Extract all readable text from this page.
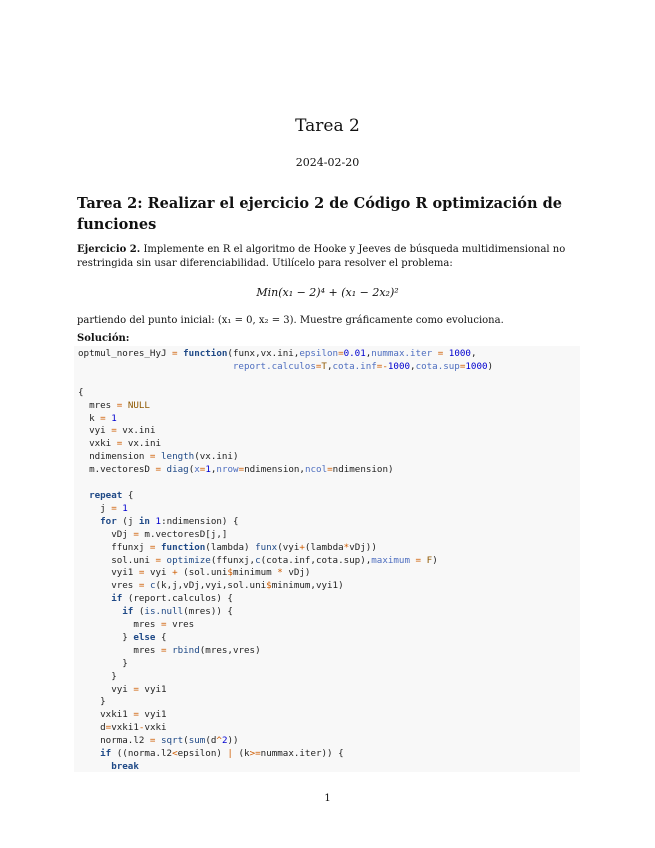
Tarea 2
2024-02-20
Tarea 2: Realizar el ejercicio 2 de Código R optimización de funciones
Ejercicio 2. Implemente en R el algoritmo de Hooke y Jeeves de búsqueda multidimensional no restringida sin usar diferenciabilidad. Utilícelo para resolver el problema:
Min(x₁ − 2)⁴ + (x₁ − 2x₂)²
partiendo del punto inicial: (x₁ = 0, x₂ = 3). Muestre gráficamente como evoluciona.
Solución:
optmul_nores_HyJ = function(funx,vx.ini,epsilon=0.01,nummax.iter = 1000,
report.calculos=T,cota.inf=-1000,cota.sup=1000)

{
mres = NULL
k = 1
vyi = vx.ini
vxki = vx.ini
ndimension = length(vx.ini)
m.vectoresD = diag(x=1,nrow=ndimension,ncol=ndimension)

repeat {
j = 1
for (j in 1:ndimension) {
vDj = m.vectoresD[j,]
ffunxj = function(lambda) funx(vyi+(lambda*vDj))
sol.uni = optimize(ffunxj,c(cota.inf,cota.sup),maximum = F)
vyi1 = vyi + (sol.uni$minimum * vDj)
vres = c(k,j,vDj,vyi,sol.uni$minimum,vyi1)
if (report.calculos) {
if (is.null(mres)) {
mres = vres
} else {
mres = rbind(mres,vres)
}
}
vyi = vyi1
}
vxki1 = vyi1
d=vxki1-vxki
norma.l2 = sqrt(sum(d^2))
if ((norma.l2<epsilon) | (k>=nummax.iter)) {
break
1
